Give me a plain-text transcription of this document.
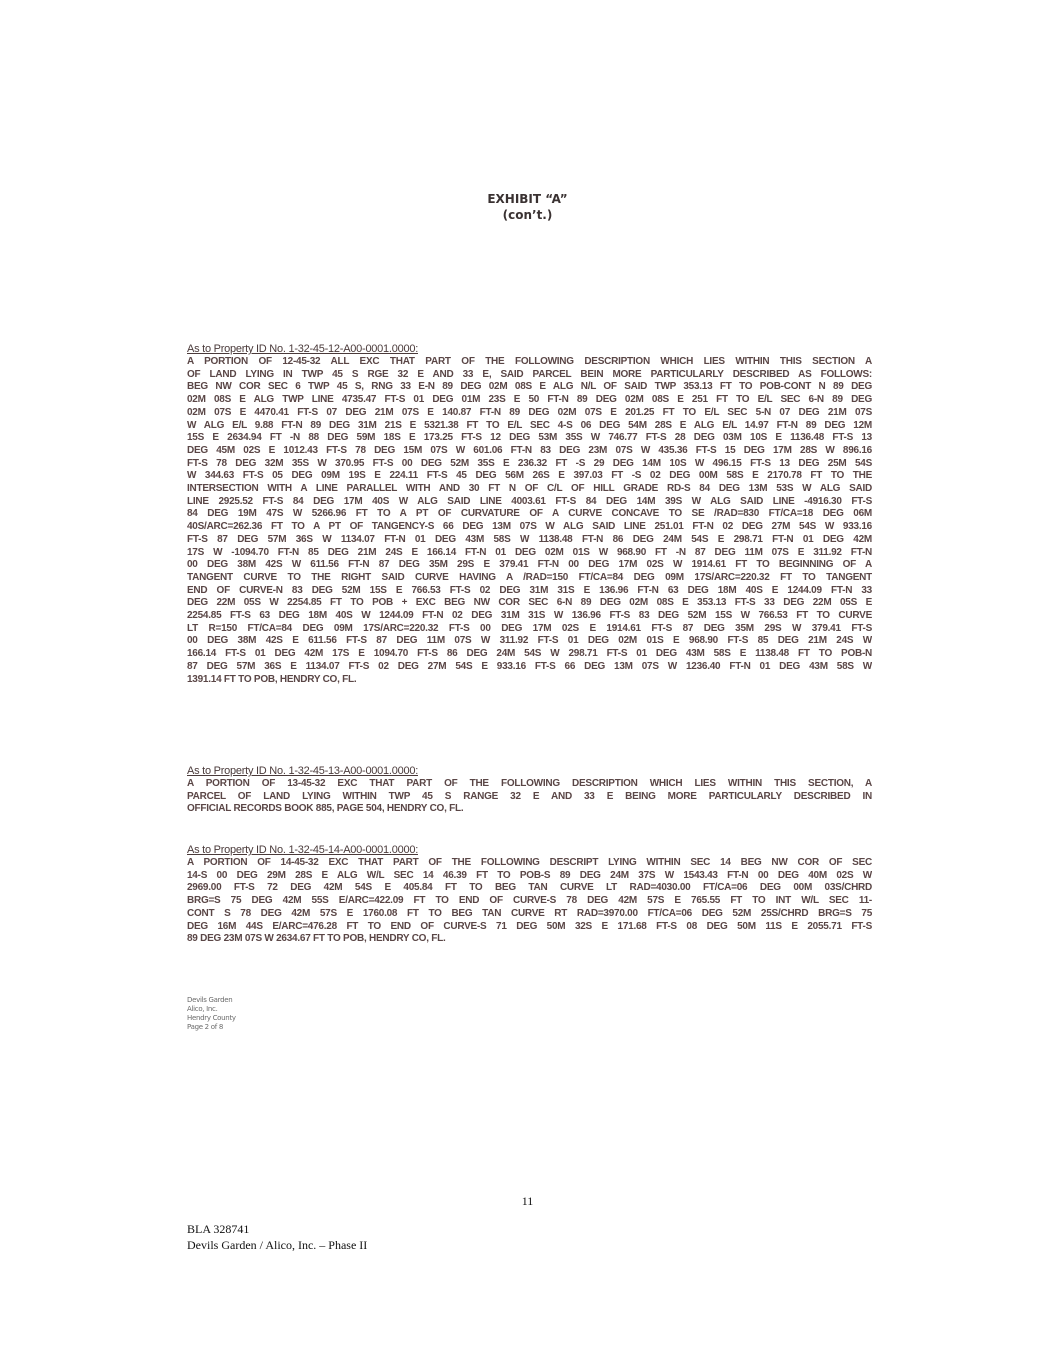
EXHIBIT “A”
(con’t.)
As to Property ID No. 1-32-45-12-A00-0001.0000:
A PORTION OF 12-45-32 ALL EXC THAT PART OF THE FOLLOWING DESCRIPTION WHICH LIES WITHIN THIS SECTION A
OF LAND LYING IN TWP 45 S RGE 32 E AND 33 E, SAID PARCEL BEIN MORE PARTICULARLY DESCRIBED AS FOLLOWS:
BEG NW COR SEC 6 TWP 45 S, RNG 33 E-N 89 DEG 02M 08S E ALG N/L OF SAID TWP 353.13 FT TO POB-CONT N 89 DEG
02M 08S E ALG TWP LINE 4735.47 FT-S 01 DEG 01M 23S E 50 FT-N 89 DEG 02M 08S E 251 FT TO E/L SEC 6-N 89 DEG
02M 07S E 4470.41 FT-S 07 DEG 21M 07S E 140.87 FT-N 89 DEG 02M 07S E 201.25 FT TO E/L SEC 5-N 07 DEG 21M 07S
W ALG E/L 9.88 FT-N 89 DEG 31M 21S E 5321.38 FT TO E/L SEC 4-S 06 DEG 54M 28S E ALG E/L 14.97 FT-N 89 DEG 12M
15S E 2634.94 FT -N 88 DEG 59M 18S E 173.25 FT-S 12 DEG 53M 35S W 746.77 FT-S 28 DEG 03M 10S E 1136.48 FT-S 13
DEG 45M 02S E 1012.43 FT-S 78 DEG 15M 07S W 601.06 FT-N 83 DEG 23M 07S W 435.36 FT-S 15 DEG 17M 28S W 896.16
FT-S 78 DEG 32M 35S W 370.95 FT-S 00 DEG 52M 35S E 236.32 FT -S 29 DEG 14M 10S W 496.15 FT-S 13 DEG 25M 54S
W 344.63 FT-S 05 DEG 09M 19S E 224.11 FT-S 45 DEG 56M 26S E 397.03 FT -S 02 DEG 00M 58S E 2170.78 FT TO THE
INTERSECTION WITH A LINE PARALLEL WITH AND 30 FT N OF C/L OF HILL GRADE RD-S 84 DEG 13M 53S W ALG SAID
LINE 2925.52 FT-S 84 DEG 17M 40S W ALG SAID LINE 4003.61 FT-S 84 DEG 14M 39S W ALG SAID LINE -4916.30 FT-S
84 DEG 19M 47S W 5266.96 FT TO A PT OF CURVATURE OF A CURVE CONCAVE TO SE /RAD=830 FT/CA=18 DEG 06M
40S/ARC=262.36 FT TO A PT OF TANGENCY-S 66 DEG 13M 07S W ALG SAID LINE 251.01 FT-N 02 DEG 27M 54S W 933.16
FT-S 87 DEG 57M 36S W 1134.07 FT-N 01 DEG 43M 58S W 1138.48 FT-N 86 DEG 24M 54S E 298.71 FT-N 01 DEG 42M
17S W -1094.70 FT-N 85 DEG 21M 24S E 166.14 FT-N 01 DEG 02M 01S W 968.90 FT -N 87 DEG 11M 07S E 311.92 FT-N
00 DEG 38M 42S W 611.56 FT-N 87 DEG 35M 29S E 379.41 FT-N 00 DEG 17M 02S W 1914.61 FT TO BEGINNING OF A
TANGENT CURVE TO THE RIGHT SAID CURVE HAVING A /RAD=150 FT/CA=84 DEG 09M 17S/ARC=220.32 FT TO TANGENT
END OF CURVE-N 83 DEG 52M 15S E 766.53 FT-S 02 DEG 31M 31S E 136.96 FT-N 63 DEG 18M 40S E 1244.09 FT-N 33
DEG 22M 05S W 2254.85 FT TO POB + EXC BEG NW COR SEC 6-N 89 DEG 02M 08S E 353.13 FT-S 33 DEG 22M 05S E
2254.85 FT-S 63 DEG 18M 40S W 1244.09 FT-N 02 DEG 31M 31S W 136.96 FT-S 83 DEG 52M 15S W 766.53 FT TO CURVE
LT R=150 FT/CA=84 DEG 09M 17S/ARC=220.32 FT-S 00 DEG 17M 02S E 1914.61 FT-S 87 DEG 35M 29S W 379.41 FT-S
00 DEG 38M 42S E 611.56 FT-S 87 DEG 11M 07S W 311.92 FT-S 01 DEG 02M 01S E 968.90 FT-S 85 DEG 21M 24S W
166.14 FT-S 01 DEG 42M 17S E 1094.70 FT-S 86 DEG 24M 54S W 298.71 FT-S 01 DEG 43M 58S E 1138.48 FT TO POB-N
87 DEG 57M 36S E 1134.07 FT-S 02 DEG 27M 54S E 933.16 FT-S 66 DEG 13M 07S W 1236.40 FT-N 01 DEG 43M 58S W
1391.14 FT TO POB, HENDRY CO, FL.
As to Property ID No. 1-32-45-13-A00-0001.0000:
A PORTION OF 13-45-32 EXC THAT PART OF THE FOLLOWING DESCRIPTION WHICH LIES WITHIN THIS SECTION, A
PARCEL OF LAND LYING WITHIN TWP 45 S RANGE 32 E AND 33 E BEING MORE PARTICULARLY DESCRIBED IN
OFFICIAL RECORDS BOOK 885, PAGE 504, HENDRY CO, FL.
As to Property ID No. 1-32-45-14-A00-0001.0000:
A PORTION OF 14-45-32 EXC THAT PART OF THE FOLLOWING DESCRIPT LYING WITHIN SEC 14 BEG NW COR OF SEC
14-S 00 DEG 29M 28S E ALG W/L SEC 14 46.39 FT TO POB-S 89 DEG 24M 37S W 1543.43 FT-N 00 DEG 40M 02S W
2969.00 FT-S 72 DEG 42M 54S E 405.84 FT TO BEG TAN CURVE LT RAD=4030.00 FT/CA=06 DEG 00M 03S/CHRD
BRG=S 75 DEG 42M 55S E/ARC=422.09 FT TO END OF CURVE-S 78 DEG 42M 57S E 765.55 FT TO INT W/L SEC 11-
CONT S 78 DEG 42M 57S E 1760.08 FT TO BEG TAN CURVE RT RAD=3970.00 FT/CA=06 DEG 52M 25S/CHRD BRG=S 75
DEG 16M 44S E/ARC=476.28 FT TO END OF CURVE-S 71 DEG 50M 32S E 171.68 FT-S 08 DEG 50M 11S E 2055.71 FT-S
89 DEG 23M 07S W 2634.67 FT TO POB, HENDRY CO, FL.
Devils Garden
Alico, Inc.
Hendry County
Page 2 of 8
11
BLA 328741
Devils Garden / Alico, Inc. – Phase II
